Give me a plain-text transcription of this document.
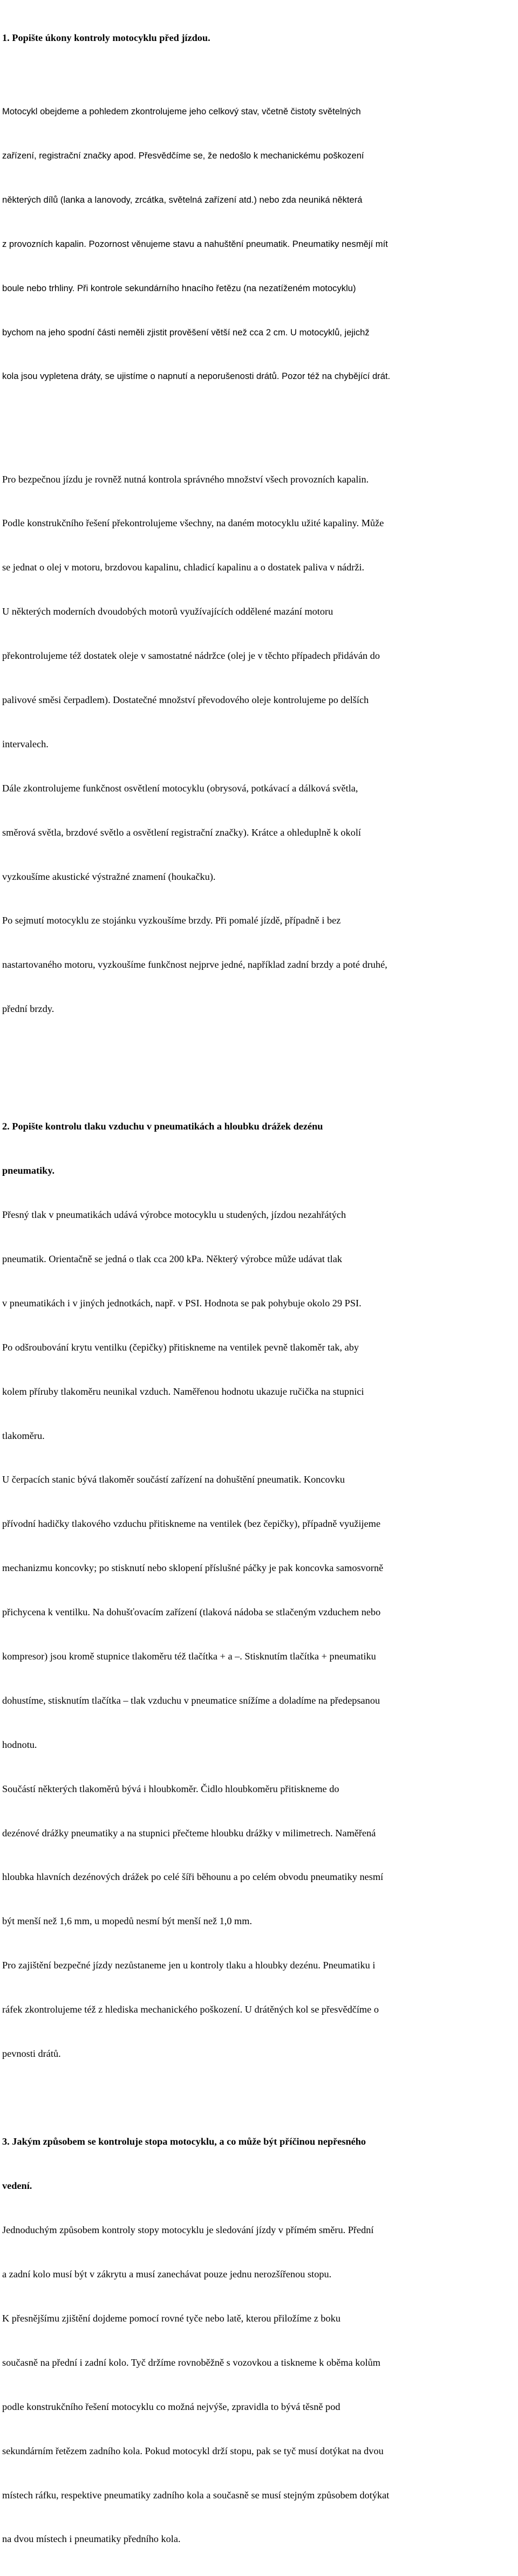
1. Popište úkony kontroly motocyklu před jízdou.

Motocykl obejdeme a pohledem zkontrolujeme jeho celkový stav, včetně čistoty světelných

zařízení, registrační značky apod. Přesvědčíme se, že nedošlo k mechanickému poškození

některých dílů (lanka a lanovody, zrcátka, světelná zařízení atd.) nebo zda neuniká některá

z provozních kapalin. Pozornost věnujeme stavu a nahuštění pneumatik. Pneumatiky nesmějí mít

boule nebo trhliny. Při kontrole sekundárního hnacího řetězu (na nezatíženém motocyklu)

bychom na jeho spodní části neměli zjistit prověšení větší než cca 2 cm. U motocyklů, jejichž

kola jsou vypletena dráty, se ujistíme o napnutí a neporušenosti drátů. Pozor též na chybějící drát.

Pro bezpečnou jízdu je rovněž nutná kontrola správného množství všech provozních kapalin.

Podle konstrukčního řešení překontrolujeme všechny, na daném motocyklu užité kapaliny. Může

se jednat o olej v motoru, brzdovou kapalinu, chladicí kapalinu a o dostatek paliva v nádrži.

U některých moderních dvoudobých motorů využívajících oddělené mazání motoru

překontrolujeme též dostatek oleje v samostatné nádržce (olej je v těchto případech přidáván do

palivové směsi čerpadlem). Dostatečné množství převodového oleje kontrolujeme po delších

intervalech.

Dále zkontrolujeme funkčnost osvětlení motocyklu (obrysová, potkávací a dálková světla,

směrová světla, brzdové světlo a osvětlení registrační značky). Krátce a ohleduplně k okolí

vyzkoušíme akustické výstražné znamení (houkačku).

Po sejmutí motocyklu ze stojánku vyzkoušíme brzdy. Při pomalé jízdě, případně i bez

nastartovaného motoru, vyzkoušíme funkčnost nejprve jedné, například zadní brzdy a poté druhé,

přední brzdy.

2. Popište kontrolu tlaku vzduchu v pneumatikách a hloubku drážek dezénu

pneumatiky.

Přesný tlak v pneumatikách udává výrobce motocyklu u studených, jízdou nezahřátých

pneumatik. Orientačně se jedná o tlak cca 200 kPa. Některý výrobce může udávat tlak

v pneumatikách i v jiných jednotkách, např. v PSI. Hodnota se pak pohybuje okolo 29 PSI.

Po odšroubování krytu ventilku (čepičky) přitiskneme na ventilek pevně tlakoměr tak, aby

kolem příruby tlakoměru neunikal vzduch. Naměřenou hodnotu ukazuje ručička na stupnici

tlakoměru.

U čerpacích stanic bývá tlakoměr součástí zařízení na dohuštění pneumatik. Koncovku

přívodní hadičky tlakového vzduchu přitiskneme na ventilek (bez čepičky), případně využijeme

mechanizmu koncovky; po stisknutí nebo sklopení příslušné páčky je pak koncovka samosvorně

přichycena k ventilku. Na dohušťovacím zařízení (tlaková nádoba se stlačeným vzduchem nebo

kompresor) jsou kromě stupnice tlakoměru též tlačítka + a –. Stisknutím tlačítka + pneumatiku

dohustíme, stisknutím tlačítka – tlak vzduchu v pneumatice snížíme a doladíme na předepsanou

hodnotu.

Součástí některých tlakoměrů bývá i hloubkoměr. Čidlo hloubkoměru přitiskneme do

dezénové drážky pneumatiky a na stupnici přečteme hloubku drážky v milimetrech. Naměřená

hloubka hlavních dezénových drážek po celé šíři běhounu a po celém obvodu pneumatiky nesmí

být menší než 1,6 mm, u mopedů nesmí být menší než 1,0 mm.

Pro zajištění bezpečné jízdy nezůstaneme jen u kontroly tlaku a hloubky dezénu. Pneumatiku i

ráfek zkontrolujeme též z hlediska mechanického poškození. U drátěných kol se přesvědčíme o

pevnosti drátů.

3. Jakým způsobem se kontroluje stopa motocyklu, a co může být příčinou nepřesného

vedení.

Jednoduchým způsobem kontroly stopy motocyklu je sledování jízdy v přímém směru. Přední

a zadní kolo musí být v zákrytu a musí zanechávat pouze jednu nerozšířenou stopu.

K přesnějšímu zjištění dojdeme pomocí rovné tyče nebo latě, kterou přiložíme z boku

současně na přední i zadní kolo. Tyč držíme rovnoběžně s vozovkou a tiskneme k oběma kolům

podle konstrukčního řešení motocyklu co možná nejvýše, zpravidla to bývá těsně pod

sekundárním řetězem zadního kola. Pokud motocykl drží stopu, pak se tyč musí dotýkat na dvou

místech ráfku, respektive pneumatiky zadního kola a současně se musí stejným způsobem dotýkat

na dvou místech i pneumatiky předního kola.
